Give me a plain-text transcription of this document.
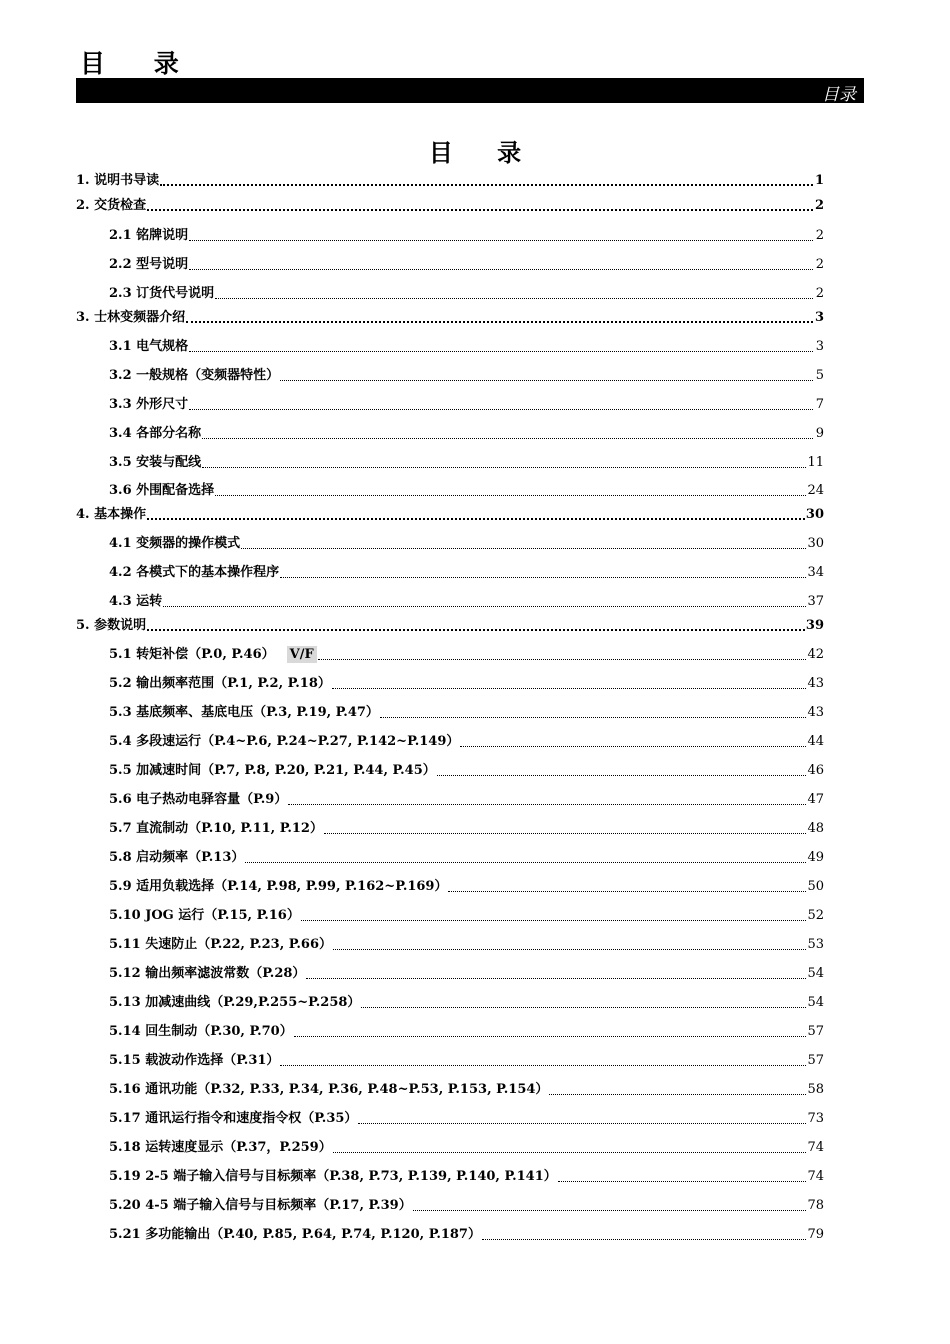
目 录
目录
目 录
1. 说明书导读	1
2. 交货检查	2
2.1 铭牌说明	2
2.2 型号说明	2
2.3 订货代号说明	2
3. 士林变频器介绍	3
3.1 电气规格	3
3.2 一般规格（变频器特性）	5
3.3 外形尺寸	7
3.4 各部分名称	9
3.5 安装与配线	11
3.6 外围配备选择	24
4. 基本操作	30
4.1 变频器的操作模式	30
4.2 各模式下的基本操作程序	34
4.3 运转	37
5. 参数说明	39
5.1 转矩补偿（P.0, P.46） V/F	42
5.2 输出频率范围（P.1, P.2, P.18）	43
5.3 基底频率、基底电压（P.3, P.19, P.47）	43
5.4 多段速运行（P.4~P.6, P.24~P.27, P.142~P.149）	44
5.5 加减速时间（P.7, P.8, P.20, P.21, P.44, P.45）	46
5.6 电子热动电驿容量（P.9）	47
5.7 直流制动（P.10, P.11, P.12）	48
5.8 启动频率（P.13）	49
5.9 适用负载选择（P.14, P.98, P.99, P.162~P.169）	50
5.10 JOG 运行（P.15, P.16）	52
5.11 失速防止（P.22, P.23, P.66）	53
5.12 输出频率滤波常数（P.28）	54
5.13 加减速曲线（P.29,P.255~P.258）	54
5.14 回生制动（P.30, P.70）	57
5.15 载波动作选择（P.31）	57
5.16 通讯功能（P.32, P.33, P.34, P.36, P.48~P.53, P.153, P.154）	58
5.17 通讯运行指令和速度指令权（P.35）	73
5.18 运转速度显示（P.37，P.259）	74
5.19 2-5 端子输入信号与目标频率（P.38, P.73, P.139, P.140, P.141）	74
5.20 4-5 端子输入信号与目标频率（P.17, P.39）	78
5.21 多功能输出（P.40, P.85, P.64, P.74, P.120, P.187）	79
